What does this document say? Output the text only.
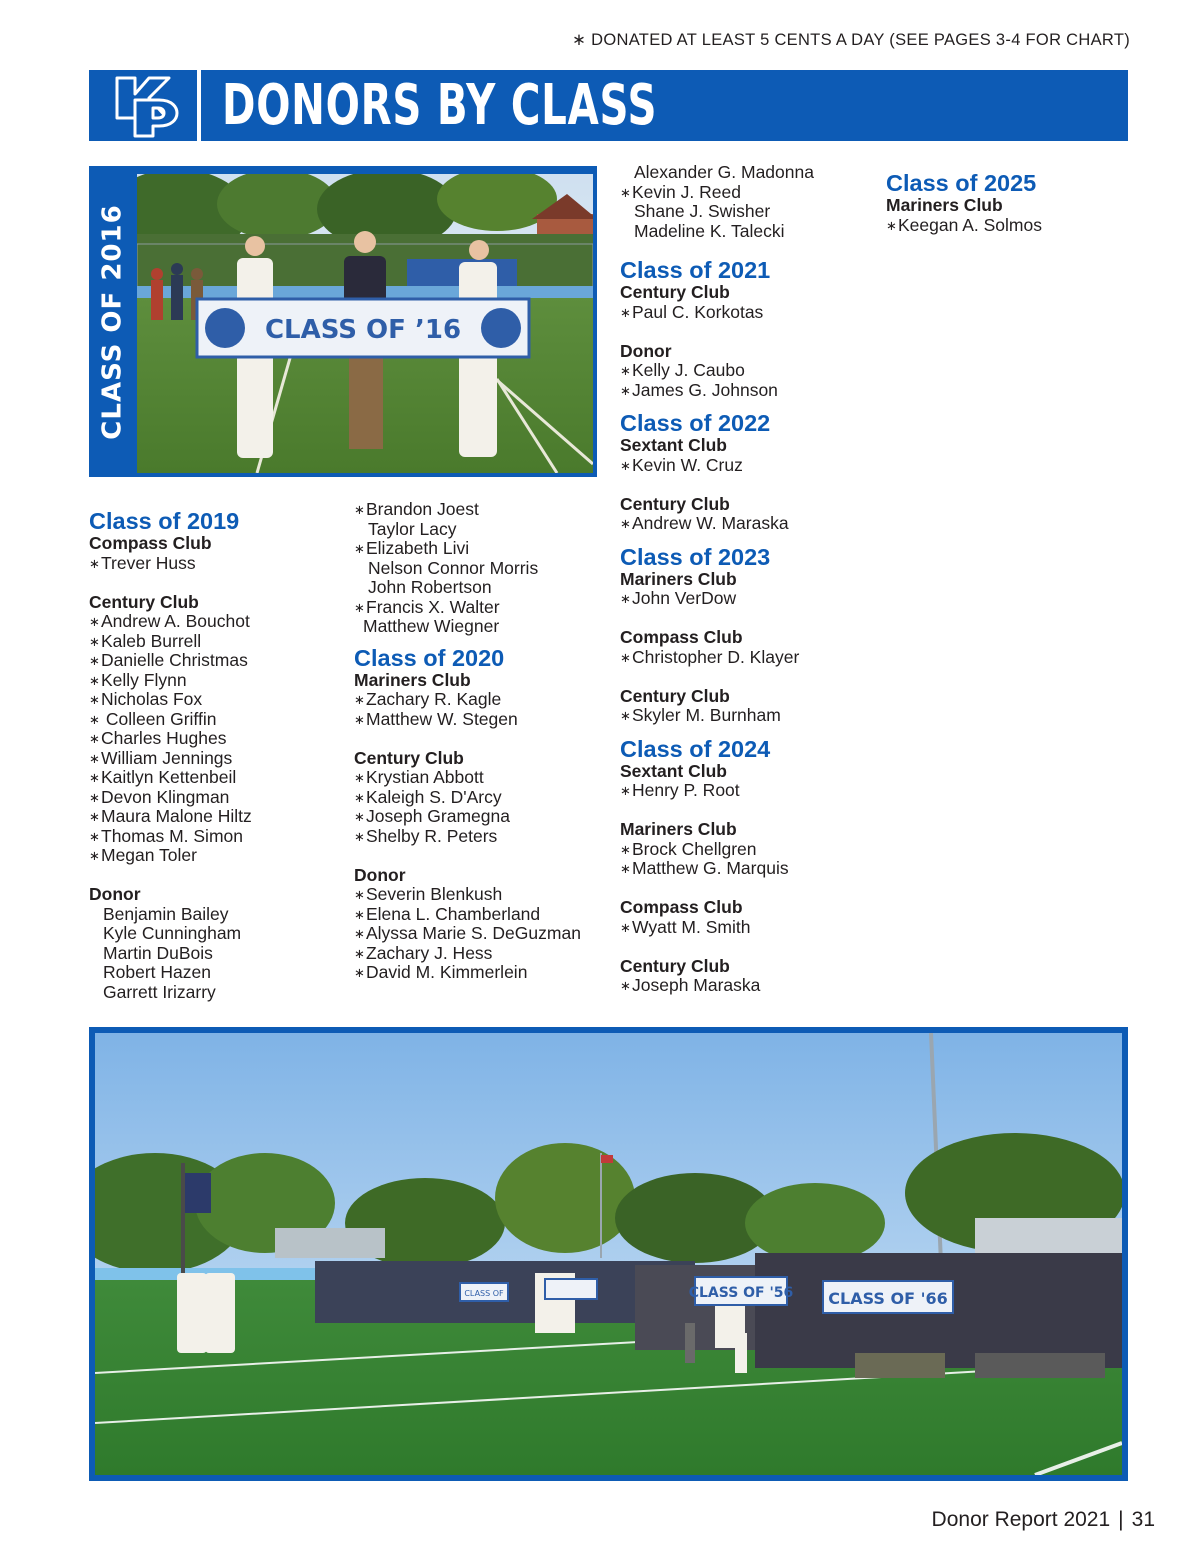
∗ DONATED AT LEAST 5 CENTS A DAY (SEE PAGES 3-4 FOR CHART)
DONORS BY CLASS
CLASS OF 2016	CLASS OF ’16
Class of 2019
Compass Club
∗Trever Huss
Century Club
∗Andrew A. Bouchot
∗Kaleb Burrell
∗Danielle Christmas
∗Kelly Flynn
∗Nicholas Fox
∗ Colleen Griffin
∗Charles Hughes
∗William Jennings
∗Kaitlyn Kettenbeil
∗Devon Klingman
∗Maura Malone Hiltz
∗Thomas M. Simon
∗Megan Toler
Donor
Benjamin Bailey
Kyle Cunningham
Martin DuBois
Robert Hazen
Garrett Irizarry
∗Brandon Joest
Taylor Lacy
∗Elizabeth Livi
Nelson Connor Morris
John Robertson
∗Francis X. Walter
Matthew Wiegner
Class of 2020
Mariners Club
∗Zachary R. Kagle
∗Matthew W. Stegen
Century Club
∗Krystian Abbott
∗Kaleigh S. D'Arcy
∗Joseph Gramegna
∗Shelby R. Peters
Donor
∗Severin Blenkush
∗Elena L. Chamberland
∗Alyssa Marie S. DeGuzman
∗Zachary J. Hess
∗David M. Kimmerlein
Alexander G. Madonna
∗Kevin J. Reed
Shane J. Swisher
Madeline K. Talecki
Class of 2021
Century Club
∗Paul C. Korkotas
Donor
∗Kelly J. Caubo
∗James G. Johnson
Class of 2022
Sextant Club
∗Kevin W. Cruz
Century Club
∗Andrew W. Maraska
Class of 2023
Mariners Club
∗John VerDow
Compass Club
∗Christopher D. Klayer
Century Club
∗Skyler M. Burnham
Class of 2024
Sextant Club
∗Henry P. Root
Mariners Club
∗Brock Chellgren
∗Matthew G. Marquis
Compass Club
∗Wyatt M. Smith
Century Club
∗Joseph Maraska
Class of 2025
Mariners Club
∗Keegan A. Solmos
CLASS OF	CLASS OF '56 CLASS OF '66
Donor Report 2021 | 31
